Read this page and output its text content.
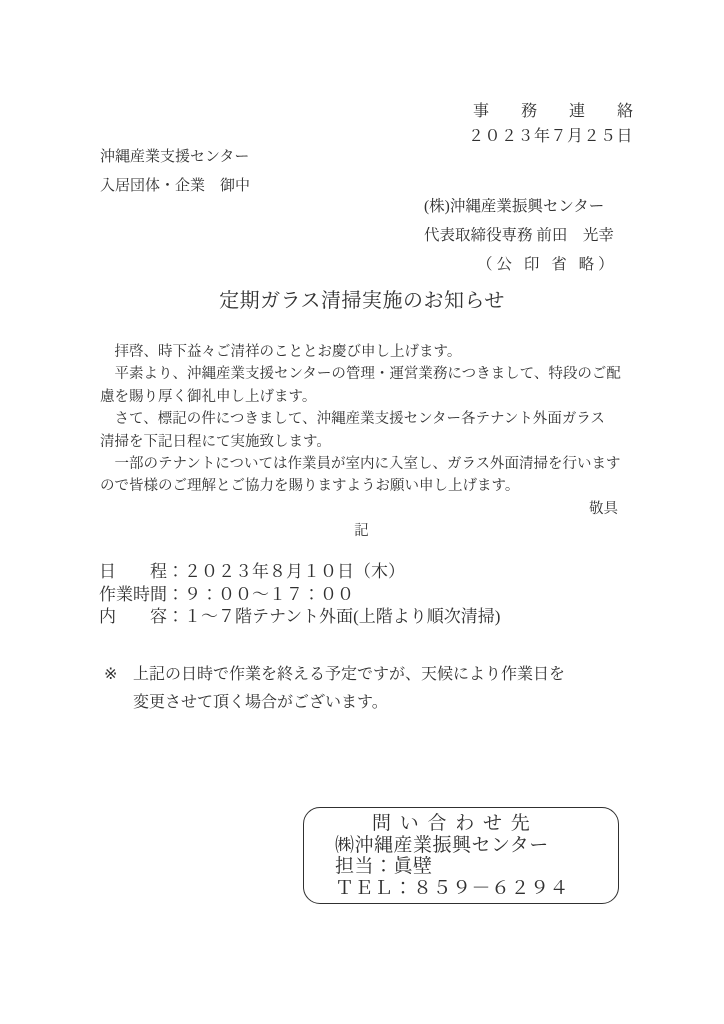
事　務　連　絡
２０２３年７月２５日
沖縄産業支援センター
入居団体・企業　御中
(株)沖縄産業振興センター
代表取締役専務 前田　光幸
（公 印 省 略）
定期ガラス清掃実施のお知らせ
　拝啓、時下益々ご清祥のこととお慶び申し上げます。
　平素より、沖縄産業支援センターの管理・運営業務につきまして、特段のご配
慮を賜り厚く御礼申し上げます。
　さて、標記の件につきまして、沖縄産業支援センター各テナント外面ガラス
清掃を下記日程にて実施致します。
　一部のテナントについては作業員が室内に入室し、ガラス外面清掃を行います
ので皆様のご理解とご協力を賜りますようお願い申し上げます。
敬具
記
日　　程：２０２３年８月１０日（木）
作業時間：９：００～１７：００
内　　容：１～７階テナント外面(上階より順次清掃)
※ 上記の日時で作業を終える予定ですが、天候により作業日を
変更させて頂く場合がございます。
問 い 合 わ せ 先
㈱沖縄産業振興センター
担当：眞壁
ＴＥＬ：８５９－６２９４
